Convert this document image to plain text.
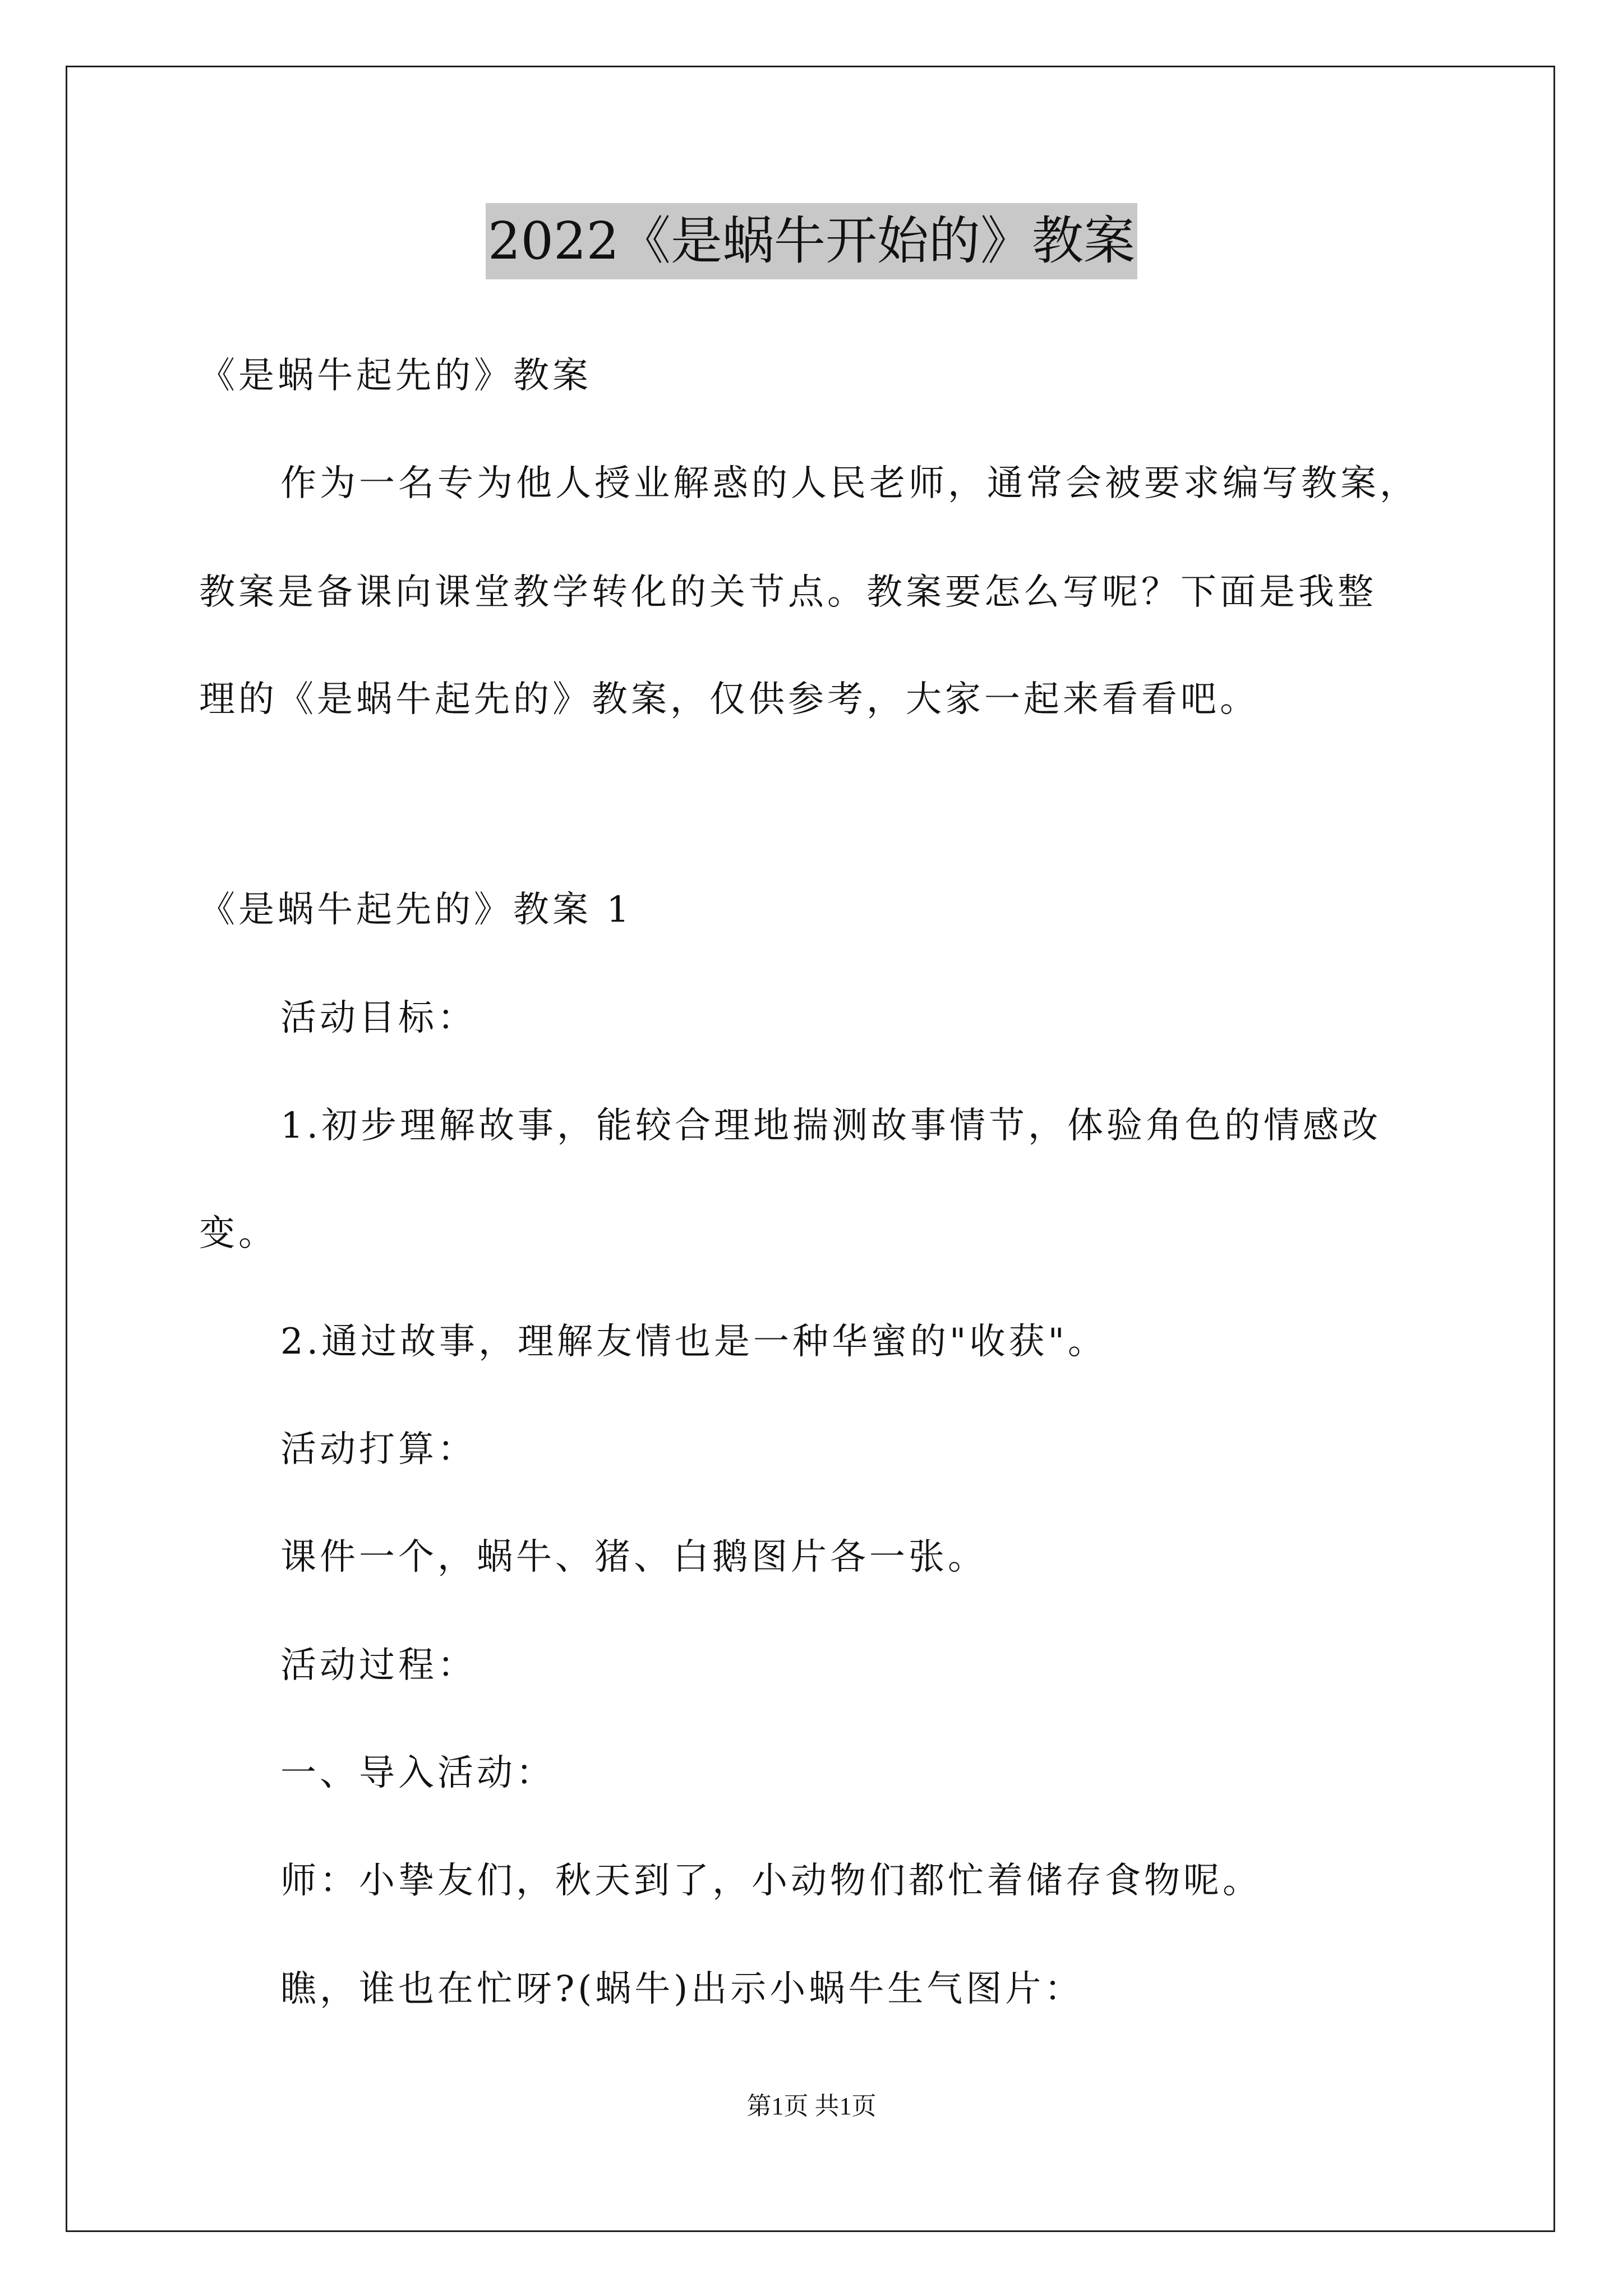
2022《是蜗牛开始的》教案
《是蜗牛起先的》教案
作为一名专为他人授业解惑的人民老师，通常会被要求编写教案，
教案是备课向课堂教学转化的关节点。教案要怎么写呢？下面是我整
理的《是蜗牛起先的》教案，仅供参考，大家一起来看看吧。
《是蜗牛起先的》教案 1
活动目标：
1.初步理解故事，能较合理地揣测故事情节，体验角色的情感改
变。
2.通过故事，理解友情也是一种华蜜的"收获"。
活动打算：
课件一个，蜗牛、猪、白鹅图片各一张。
活动过程：
一、导入活动：
师：小挚友们，秋天到了，小动物们都忙着储存食物呢。
瞧，谁也在忙呀?(蜗牛)出示小蜗牛生气图片：
第1页 共1页
